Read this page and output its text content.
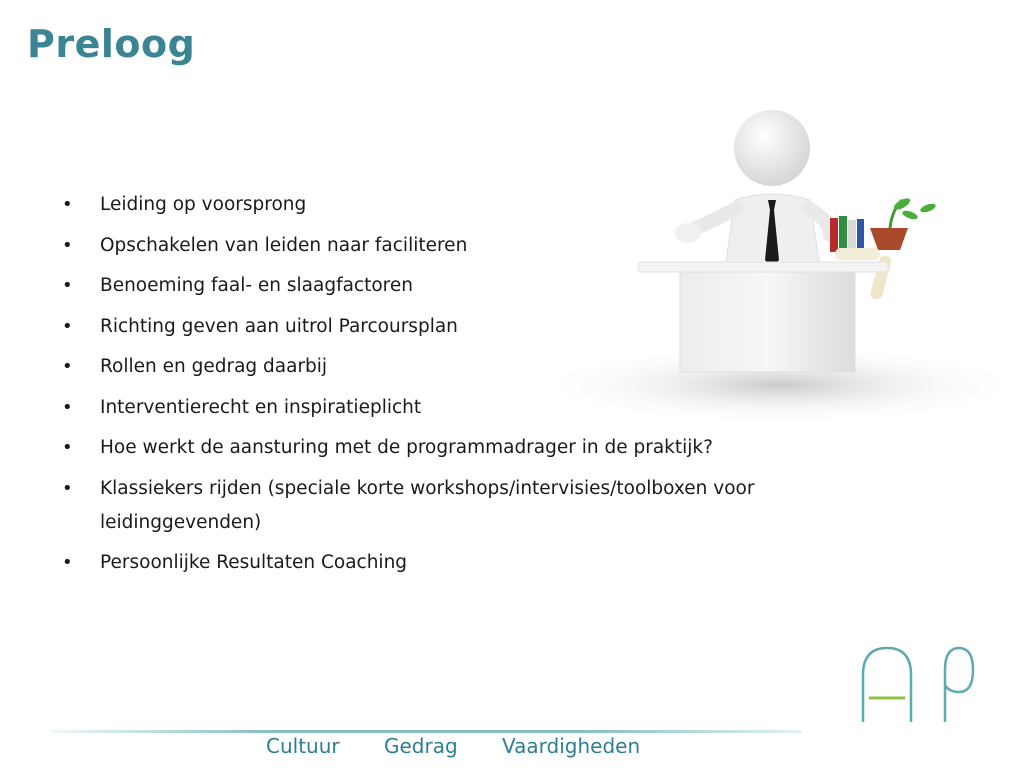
Preloog
• Leiding op voorsprong
• Opschakelen van leiden naar faciliteren
• Benoeming faal- en slaagfactoren
• Richting geven aan uitrol Parcoursplan
• Rollen en gedrag daarbij
• Interventierecht en inspiratieplicht
• Hoe werkt de aansturing met de programmadrager in de praktijk?
• Klassiekers rijden (speciale korte workshops/intervisies/toolboxen voor leidinggevenden)
• Persoonlijke Resultaten Coaching
Cultuur Gedrag Vaardigheden
